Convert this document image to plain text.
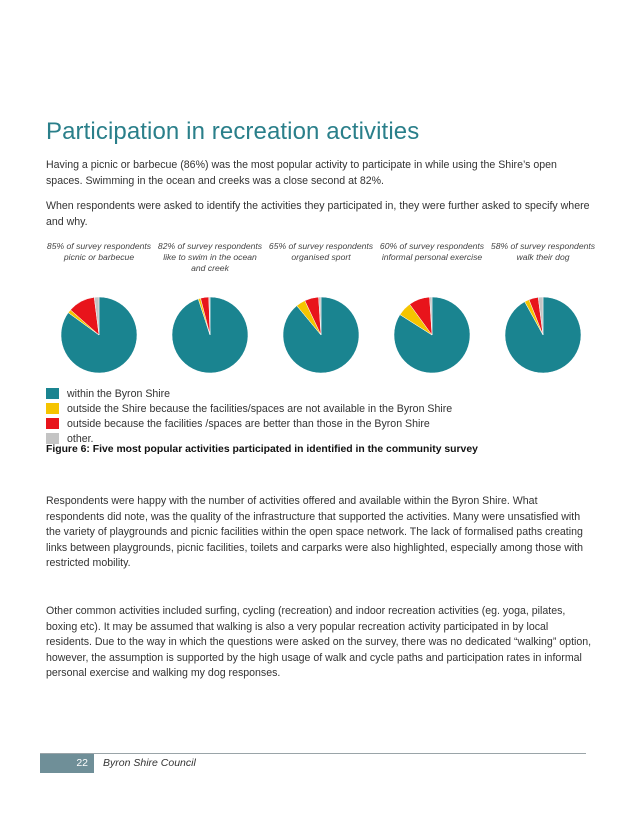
Participation in recreation activities

Having a picnic or barbecue (86%) was the most popular activity to participate in while using the Shire’s open spaces. Swimming in the ocean and creeks was a close second at 82%.

When respondents were asked to identify the activities they participated in, they were further asked to specify where and why.

85% of survey respondents picnic or barbecue

82% of survey respondents like to swim in the ocean and creek

65% of survey respondents organised sport

60% of survey respondents informal personal exercise

58% of survey respondents walk their dog

within the Byron Shire
outside the Shire because the facilities/spaces are not available in the Byron Shire
outside because the facilities /spaces are better than those in the Byron Shire
other.

Figure 6: Five most popular activities participated in identified in the community survey

Respondents were happy with the number of activities offered and available within the Byron Shire. What respondents did note, was the quality of the infrastructure that supported the activities. Many were unsatisfied with the variety of playgrounds and picnic facilities within the open space network. The lack of formalised paths creating links between playgrounds, picnic facilities, toilets and carparks were also highlighted, especially among those with restricted mobility.

Other common activities included surfing, cycling (recreation) and indoor recreation activities (eg. yoga, pilates, boxing etc). It may be assumed that walking is also a very popular recreation activity participated in by local residents. Due to the way in which the questions were asked on the survey, there was no dedicated “walking” option, however, the assumption is supported by the high usage of walk and cycle paths and participation rates in informal personal exercise and walking my dog responses.

22	Byron Shire Council
